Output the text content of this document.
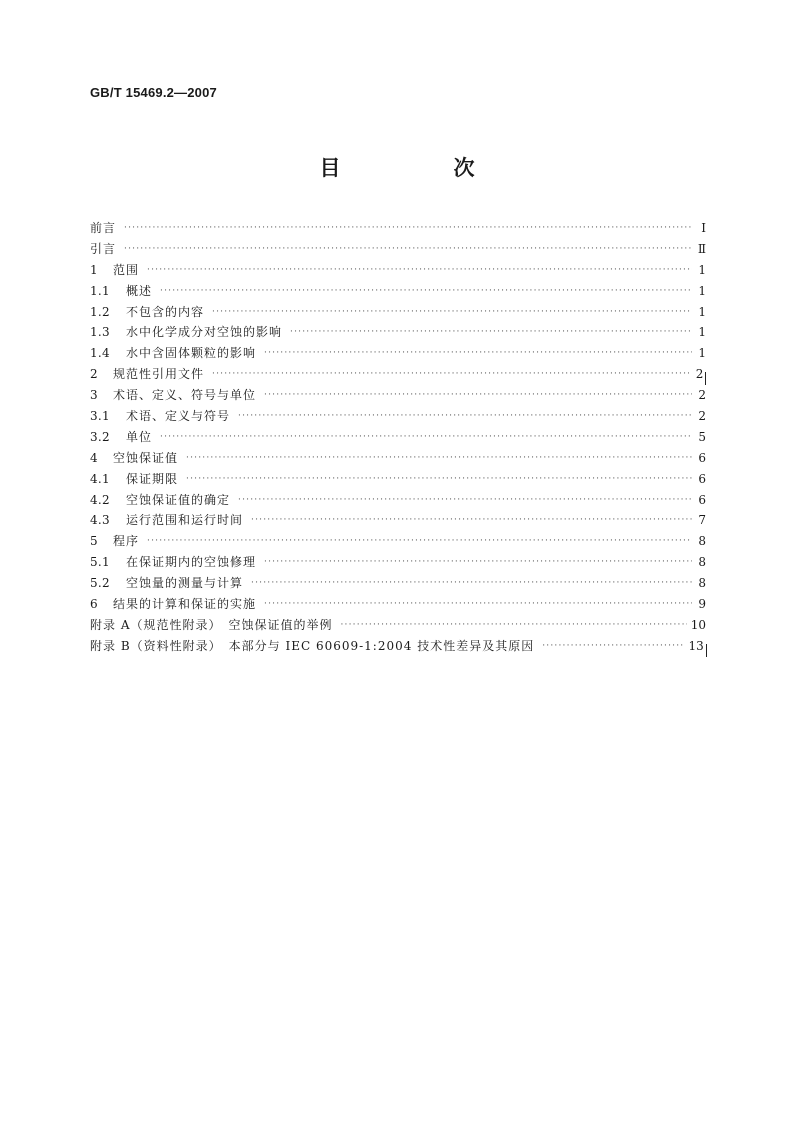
GB/T 15469.2—2007
目　次
前言 ·····	Ⅰ
引言 ·····	Ⅱ
1	范围 ·····	1
1.1	概述 ·····	1
1.2	不包含的内容 ·····	1
1.3	水中化学成分对空蚀的影响 ·····	1
1.4	水中含固体颗粒的影响 ·····	1
2	规范性引用文件 ·····	2
3	术语、定义、符号与单位 ·····	2
3.1	术语、定义与符号 ·····	2
3.2	单位 ·····	5
4	空蚀保证值 ·····	6
4.1	保证期限 ·····	6
4.2	空蚀保证值的确定 ·····	6
4.3	运行范围和运行时间 ·····	7
5	程序 ·····	8
5.1	在保证期内的空蚀修理 ·····	8
5.2	空蚀量的测量与计算 ·····	8
6	结果的计算和保证的实施 ·····	9
附录 A（规范性附录）　空蚀保证值的举例 ·····	10
附录 B（资料性附录）　本部分与 IEC 60609-1:2004 技术性差异及其原因 ·····	13
